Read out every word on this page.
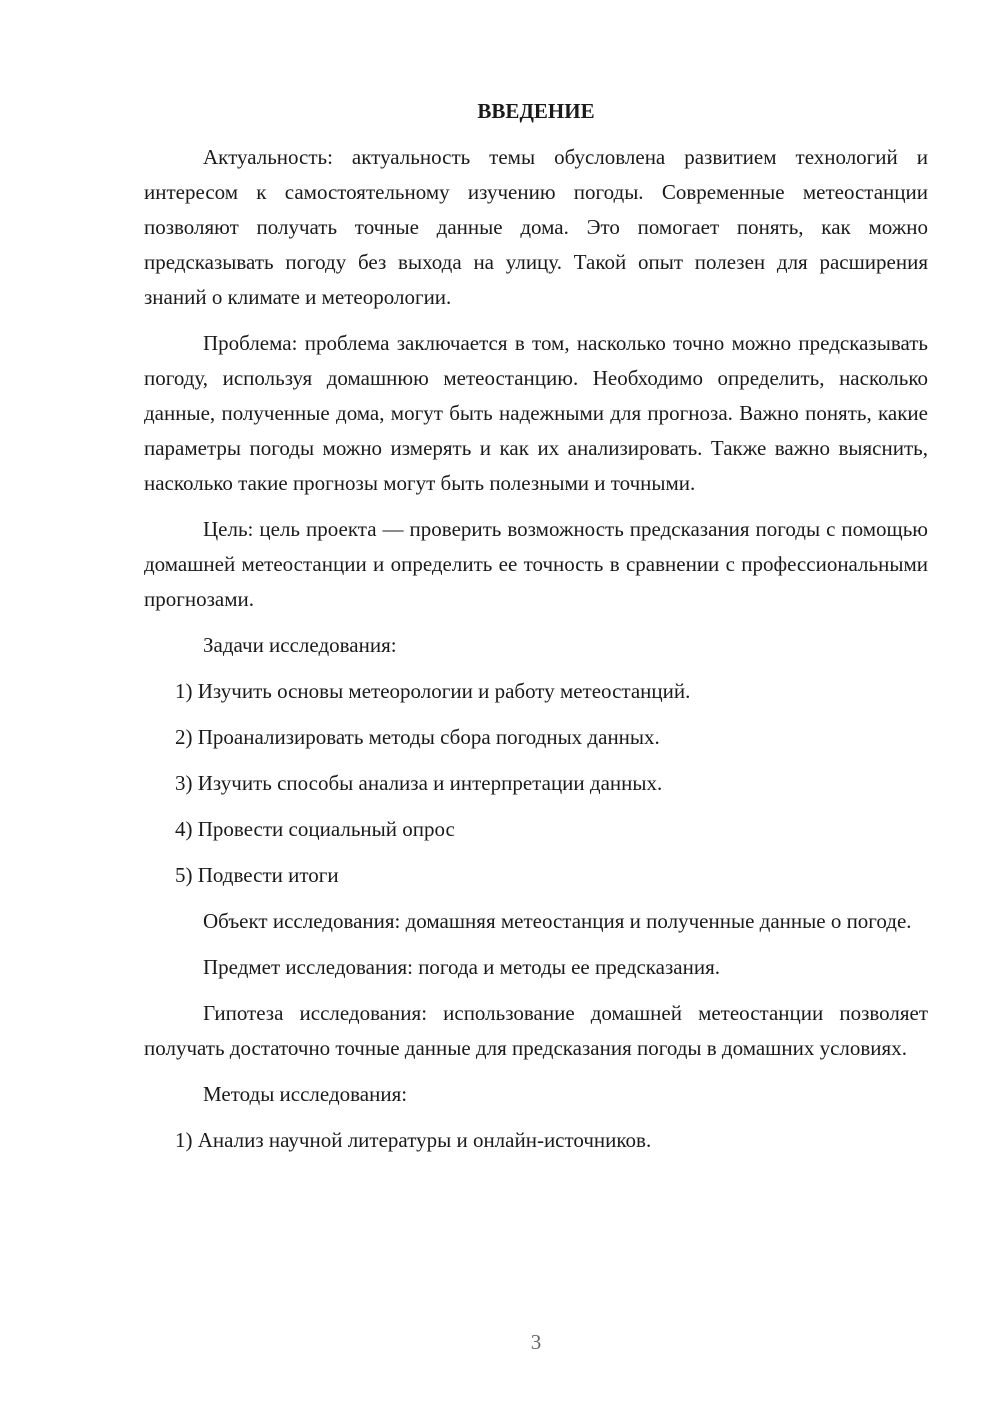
ВВЕДЕНИЕ
Актуальность: актуальность темы обусловлена развитием технологий и интересом к самостоятельному изучению погоды. Современные метеостанции позволяют получать точные данные дома. Это помогает понять, как можно предсказывать погоду без выхода на улицу. Такой опыт полезен для расширения знаний о климате и метеорологии.
Проблема: проблема заключается в том, насколько точно можно предсказывать погоду, используя домашнюю метеостанцию. Необходимо определить, насколько данные, полученные дома, могут быть надежными для прогноза. Важно понять, какие параметры погоды можно измерять и как их анализировать. Также важно выяснить, насколько такие прогнозы могут быть полезными и точными.
Цель: цель проекта — проверить возможность предсказания погоды с помощью домашней метеостанции и определить ее точность в сравнении с профессиональными прогнозами.
Задачи исследования:
1) Изучить основы метеорологии и работу метеостанций.
2) Проанализировать методы сбора погодных данных.
3) Изучить способы анализа и интерпретации данных.
4) Провести социальный опрос
5) Подвести итоги
Объект исследования: домашняя метеостанция и полученные данные о погоде.
Предмет исследования: погода и методы ее предсказания.
Гипотеза исследования: использование домашней метеостанции позволяет получать достаточно точные данные для предсказания погоды в домашних условиях.
Методы исследования:
1) Анализ научной литературы и онлайн-источников.
3
